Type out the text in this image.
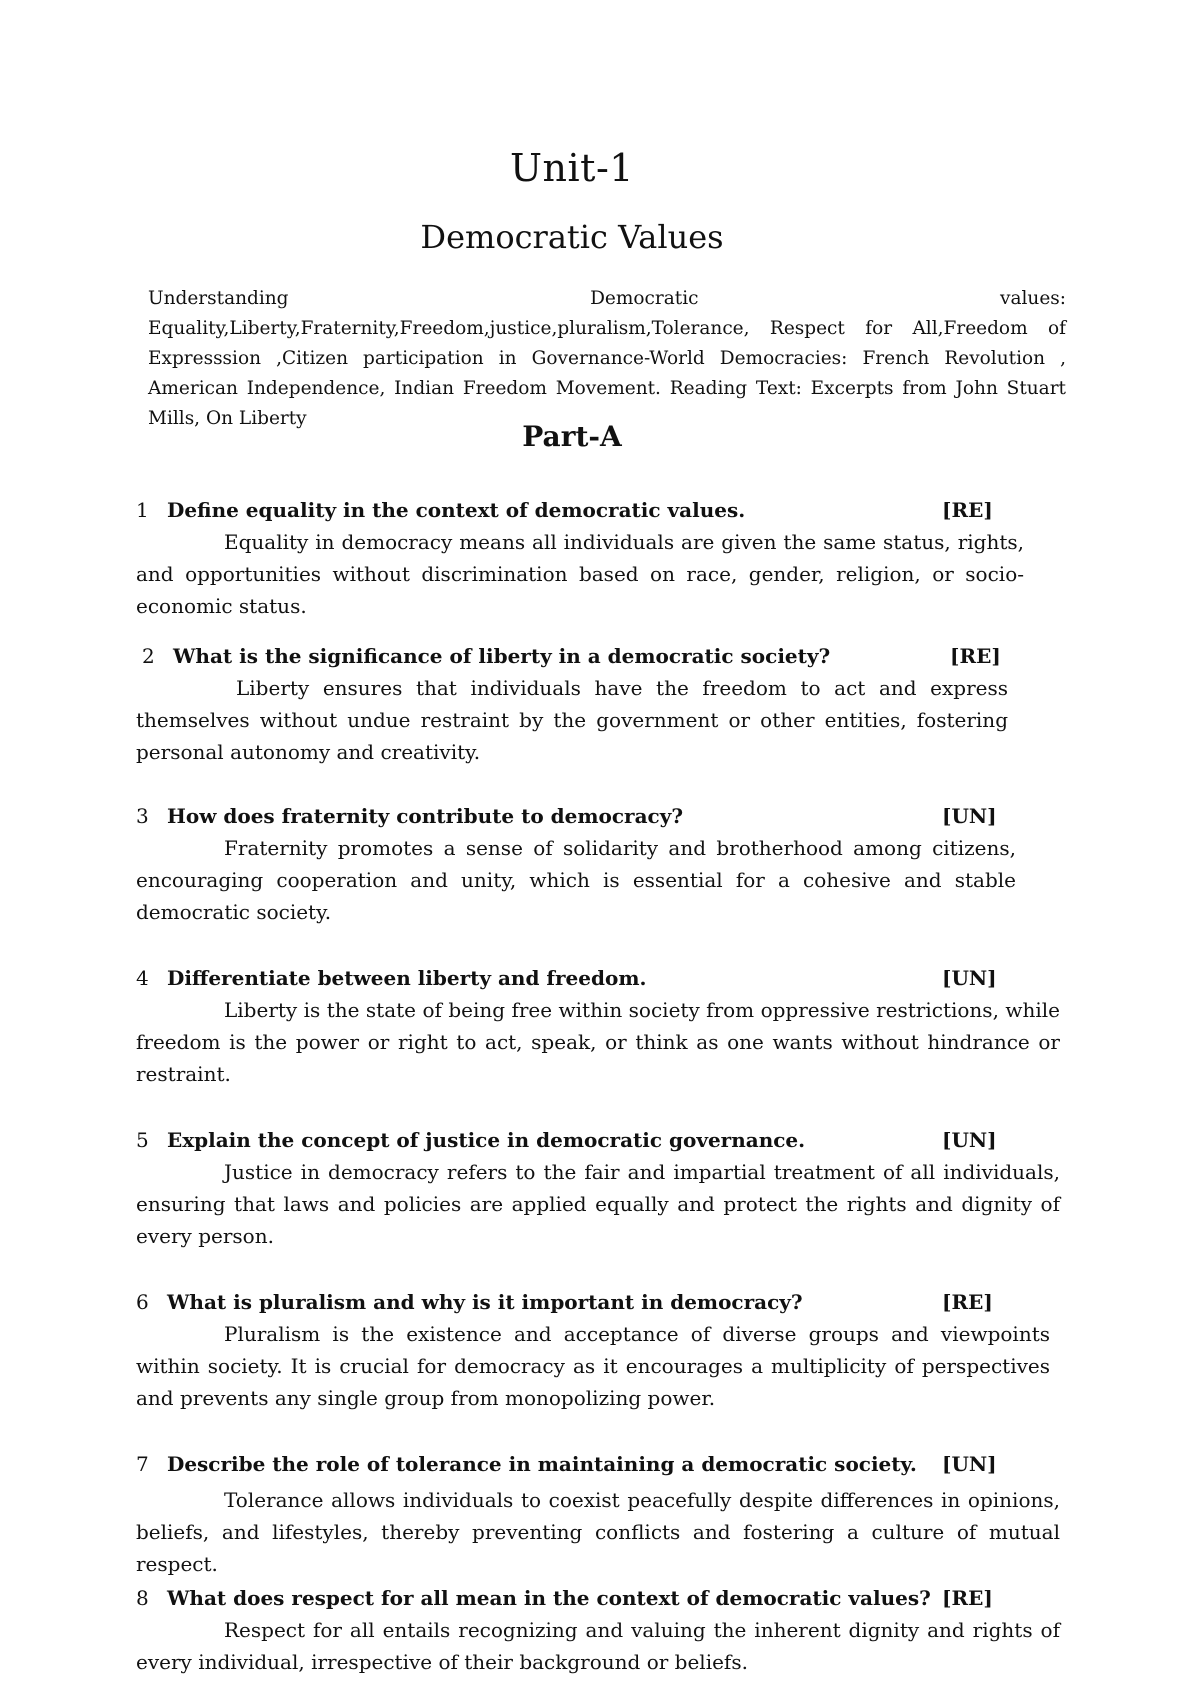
Unit-1
Democratic Values
Understanding Democratic values: Equality,Liberty,Fraternity,Freedom,justice,pluralism,Tolerance, Respect for All,Freedom of Expresssion ,Citizen participation in Governance-World Democracies: French Revolution , American Independence, Indian Freedom Movement. Reading Text: Excerpts from John Stuart Mills, On Liberty
Part-A
1 Define equality in the context of democratic values.	[RE]
Equality in democracy means all individuals are given the same status, rights, and opportunities without discrimination based on race, gender, religion, or socio-economic status.
2 What is the significance of liberty in a democratic society?	[RE]
Liberty ensures that individuals have the freedom to act and express themselves without undue restraint by the government or other entities, fostering personal autonomy and creativity.
3 How does fraternity contribute to democracy?	[UN]
Fraternity promotes a sense of solidarity and brotherhood among citizens, encouraging cooperation and unity, which is essential for a cohesive and stable democratic society.
4 Differentiate between liberty and freedom.	[UN]
Liberty is the state of being free within society from oppressive restrictions, while freedom is the power or right to act, speak, or think as one wants without hindrance or restraint.
5 Explain the concept of justice in democratic governance.	[UN]
Justice in democracy refers to the fair and impartial treatment of all individuals, ensuring that laws and policies are applied equally and protect the rights and dignity of every person.
6 What is pluralism and why is it important in democracy?	[RE]
Pluralism is the existence and acceptance of diverse groups and viewpoints within society. It is crucial for democracy as it encourages a multiplicity of perspectives and prevents any single group from monopolizing power.
7 Describe the role of tolerance in maintaining a democratic society. [UN]
Tolerance allows individuals to coexist peacefully despite differences in opinions, beliefs, and lifestyles, thereby preventing conflicts and fostering a culture of mutual respect.
8 What does respect for all mean in the context of democratic values? [RE]
Respect for all entails recognizing and valuing the inherent dignity and rights of every individual, irrespective of their background or beliefs.
